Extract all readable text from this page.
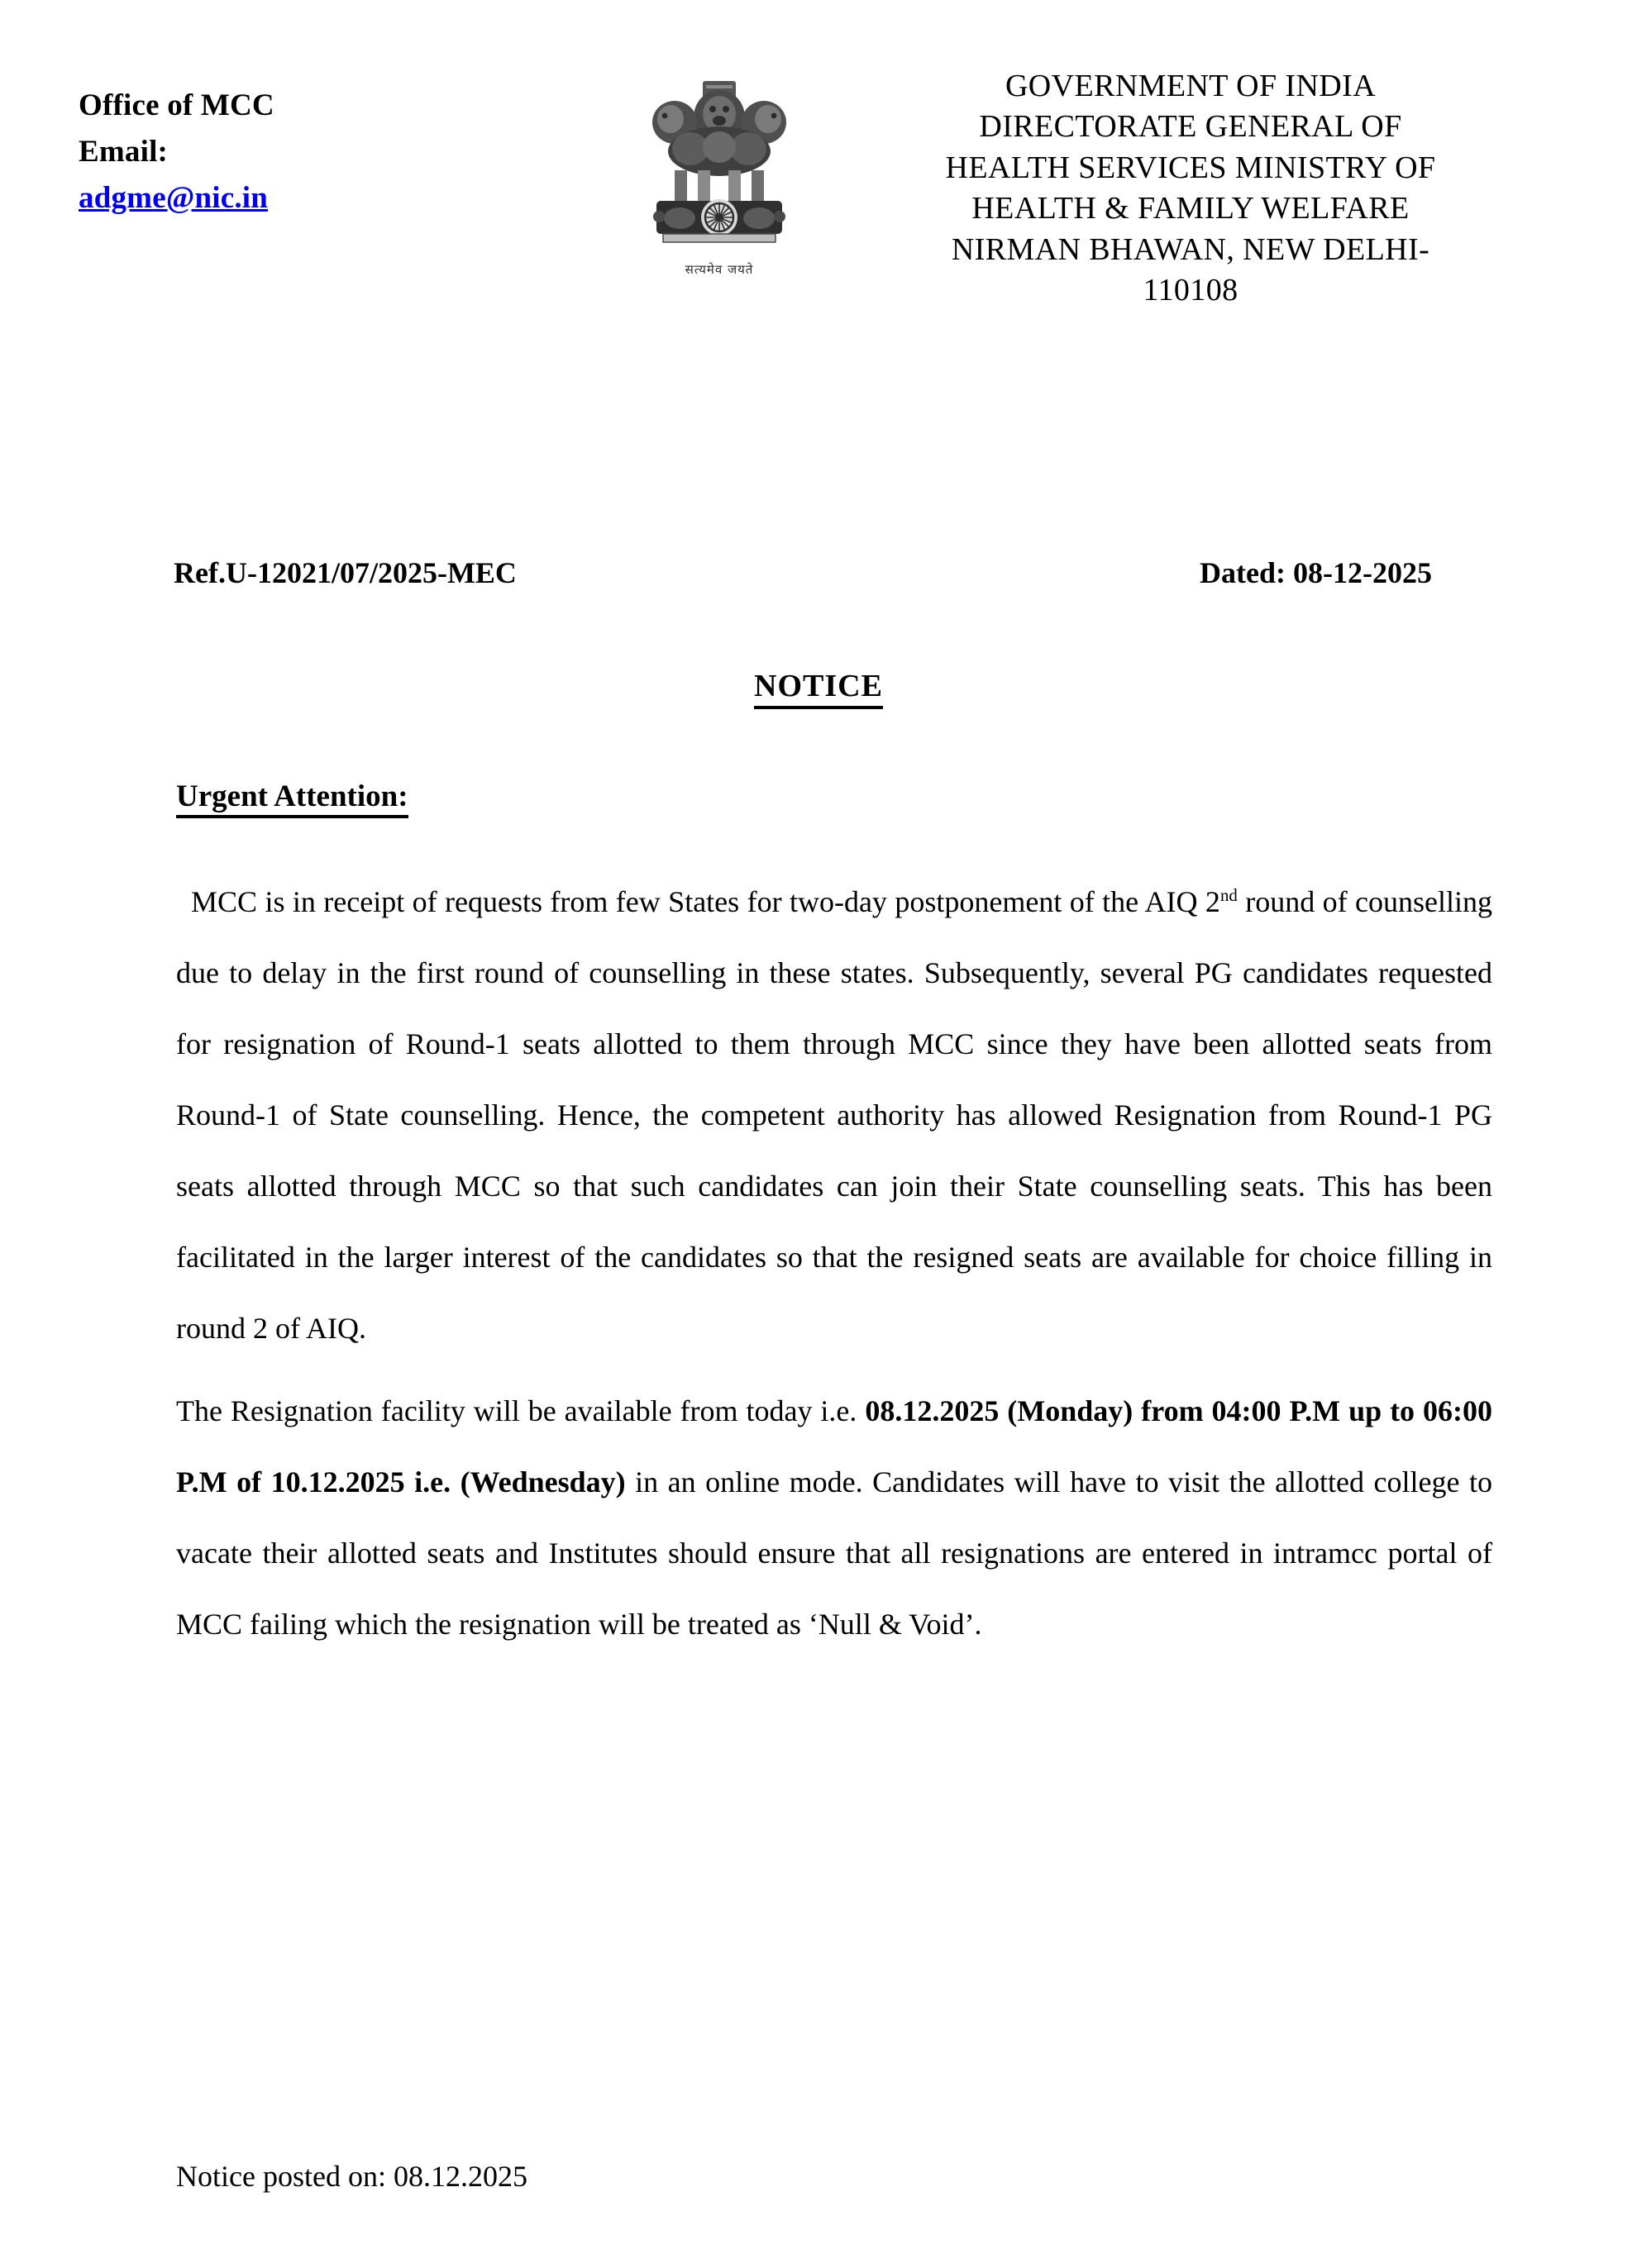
Office of MCC
Email:
adgme@nic.in
सत्यमेव जयते
GOVERNMENT OF INDIA
DIRECTORATE GENERAL OF
HEALTH SERVICES MINISTRY OF
HEALTH & FAMILY WELFARE
NIRMAN BHAWAN, NEW DELHI-
110108
Ref.U-12021/07/2025-MEC	Dated: 08-12-2025
NOTICE
Urgent Attention:

MCC is in receipt of requests from few States for two-day postponement of the AIQ 2nd round of counselling due to delay in the first round of counselling in these states. Subsequently, several PG candidates requested for resignation of Round-1 seats allotted to them through MCC since they have been allotted seats from Round-1 of State counselling. Hence, the competent authority has allowed Resignation from Round-1 PG seats allotted through MCC so that such candidates can join their State counselling seats. This has been facilitated in the larger interest of the candidates so that the resigned seats are available for choice filling in round 2 of AIQ.

The Resignation facility will be available from today i.e. 08.12.2025 (Monday) from 04:00 P.M up to 06:00 P.M of 10.12.2025 i.e. (Wednesday) in an online mode. Candidates will have to visit the allotted college to vacate their allotted seats and Institutes should ensure that all resignations are entered in intramcc portal of MCC failing which the resignation will be treated as ‘Null & Void’.

Notice posted on: 08.12.2025
